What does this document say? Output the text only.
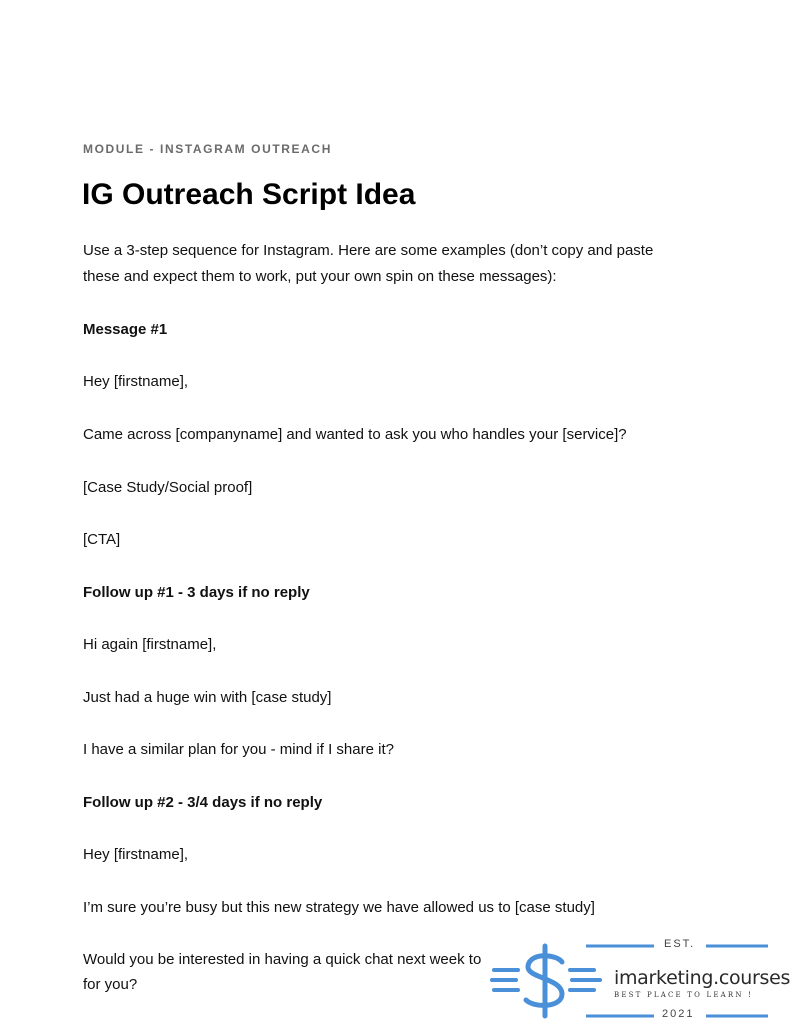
MODULE - INSTAGRAM OUTREACH

IG Outreach Script Idea

Use a 3-step sequence for Instagram. Here are some examples (don’t copy and paste

these and expect them to work, put your own spin on these messages):

Message #1

Hey [firstname],

Came across [companyname] and wanted to ask you who handles your [service]?

[Case Study/Social proof]

[CTA]

Follow up #1 - 3 days if no reply

Hi again [firstname],

Just had a huge win with [case study]

I have a similar plan for you - mind if I share it?

Follow up #2 - 3/4 days if no reply

Hey [firstname],

I’m sure you’re busy but this new strategy we have allowed us to [case study]

Would you be interested in having a quick chat next week to

for you?

EST.

imarketing.courses

BEST PLACE TO LEARN !

2021
